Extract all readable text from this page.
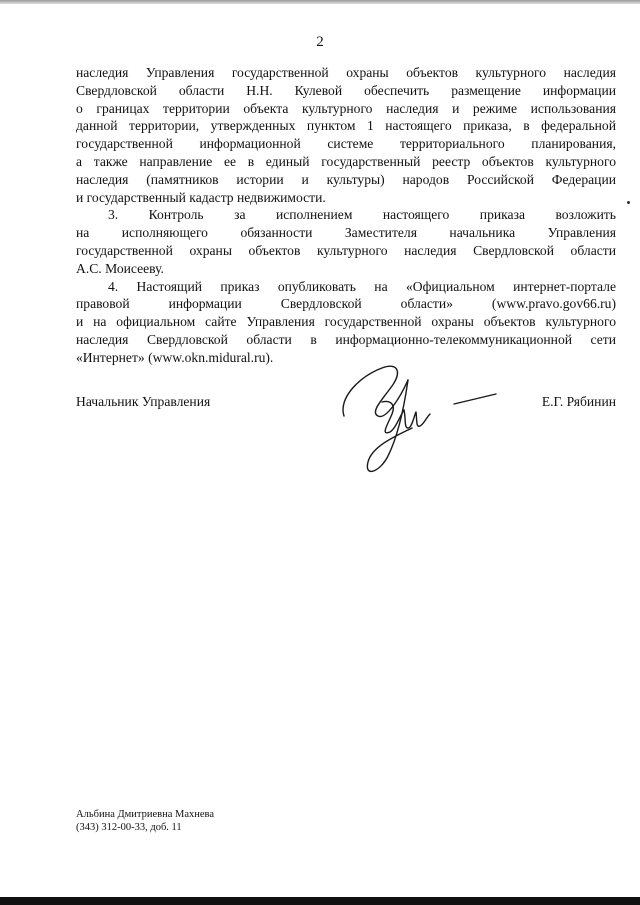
2

наследия Управления государственной охраны объектов культурного наследия
Свердловской области Н.Н. Кулевой обеспечить размещение информации
о границах территории объекта культурного наследия и режиме использования
данной территории, утвержденных пунктом 1 настоящего приказа, в федеральной
государственной информационной системе территориального планирования,
а также направление ее в единый государственный реестр объектов культурного
наследия (памятников истории и культуры) народов Российской Федерации
и государственный кадастр недвижимости.

3. Контроль за исполнением настоящего приказа возложить
на исполняющего обязанности Заместителя начальника Управления
государственной охраны объектов культурного наследия Свердловской области
А.С. Моисееву.

4. Настоящий приказ опубликовать на «Официальном интернет-портале
правовой информации Свердловской области» (www.pravo.gov66.ru)
и на официальном сайте Управления государственной охраны объектов культурного
наследия Свердловской области в информационно-телекоммуникационной сети
«Интернет» (www.okn.midural.ru).

Начальник Управления	Е.Г. Рябинин
Альбина Дмитриевна Махнева
(343) 312-00-33, доб. 11
